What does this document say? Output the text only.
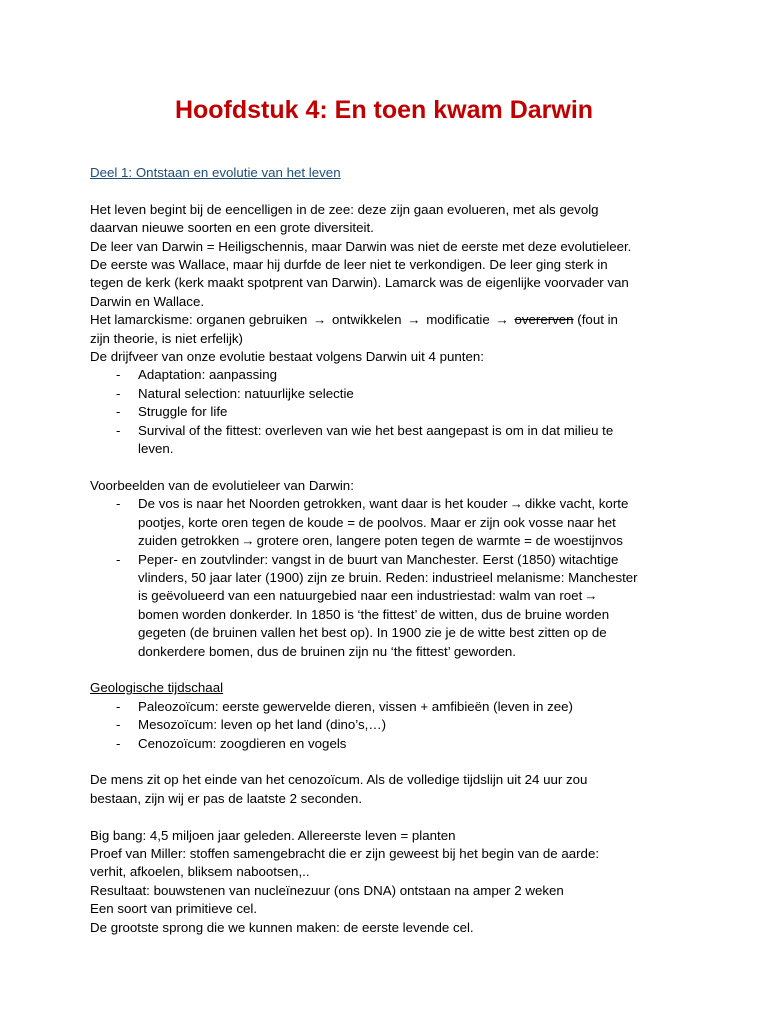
Hoofdstuk 4: En toen kwam Darwin
Deel 1: Ontstaan en evolutie van het leven
Het leven begint bij de eencelligen in de zee: deze zijn gaan evolueren, met als gevolg
daarvan nieuwe soorten en een grote diversiteit.
De leer van Darwin = Heiligschennis, maar Darwin was niet de eerste met deze evolutieleer.
De eerste was Wallace, maar hij durfde de leer niet te verkondigen. De leer ging sterk in
tegen de kerk (kerk maakt spotprent van Darwin). Lamarck was de eigenlijke voorvader van
Darwin en Wallace.
Het lamarckisme: organen gebruiken → ontwikkelen → modificatie → overerven (fout in
zijn theorie, is niet erfelijk)
De drijfveer van onze evolutie bestaat volgens Darwin uit 4 punten:
- Adaptation: aanpassing
- Natural selection: natuurlijke selectie
- Struggle for life
- Survival of the fittest: overleven van wie het best aangepast is om in dat milieu te
leven.
Voorbeelden van de evolutieleer van Darwin:
- De vos is naar het Noorden getrokken, want daar is het kouder → dikke vacht, korte
pootjes, korte oren tegen de koude = de poolvos. Maar er zijn ook vosse naar het
zuiden getrokken → grotere oren, langere poten tegen de warmte = de woestijnvos
- Peper- en zoutvlinder: vangst in de buurt van Manchester. Eerst (1850) witachtige
vlinders, 50 jaar later (1900) zijn ze bruin. Reden: industrieel melanisme: Manchester
is geëvolueerd van een natuurgebied naar een industriestad: walm van roet →
bomen worden donkerder. In 1850 is ‘the fittest’ de witten, dus de bruine worden
gegeten (de bruinen vallen het best op). In 1900 zie je de witte best zitten op de
donkerdere bomen, dus de bruinen zijn nu ‘the fittest’ geworden.
Geologische tijdschaal
- Paleozoïcum: eerste gewervelde dieren, vissen + amfibieën (leven in zee)
- Mesozoïcum: leven op het land (dino’s,…)
- Cenozoïcum: zoogdieren en vogels
De mens zit op het einde van het cenozoïcum. Als de volledige tijdslijn uit 24 uur zou
bestaan, zijn wij er pas de laatste 2 seconden.
Big bang: 4,5 miljoen jaar geleden. Allereerste leven = planten
Proef van Miller: stoffen samengebracht die er zijn geweest bij het begin van de aarde:
verhit, afkoelen, bliksem nabootsen,..
Resultaat: bouwstenen van nucleïnezuur (ons DNA) ontstaan na amper 2 weken
Een soort van primitieve cel.
De grootste sprong die we kunnen maken: de eerste levende cel.
